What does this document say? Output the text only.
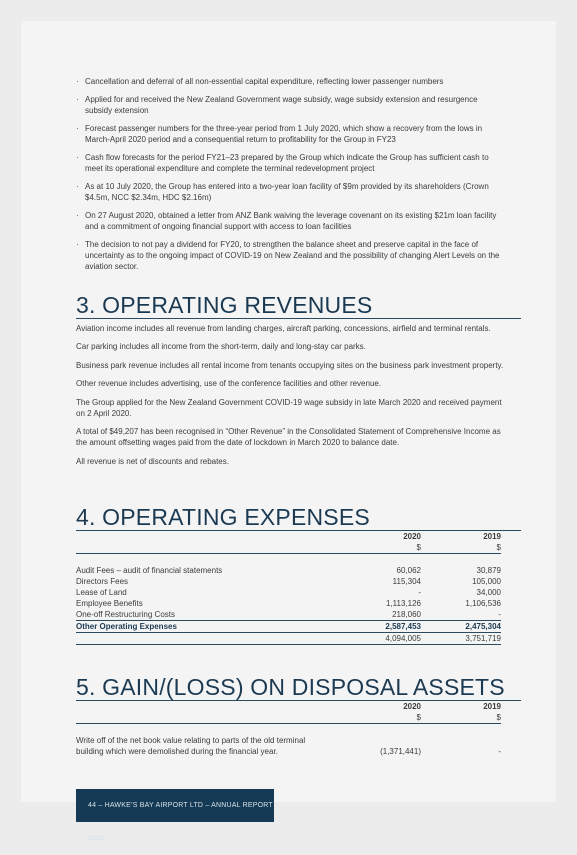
· Cancellation and deferral of all non-essential capital expenditure, reflecting lower passenger numbers
· Applied for and received the New Zealand Government wage subsidy, wage subsidy extension and resurgence subsidy extension
· Forecast passenger numbers for the three-year period from 1 July 2020, which show a recovery from the lows in March-April 2020 period and a consequential return to profitability for the Group in FY23
· Cash flow forecasts for the period FY21–23 prepared by the Group which indicate the Group has sufficient cash to meet its operational expenditure and complete the terminal redevelopment project
· As at 10 July 2020, the Group has entered into a two-year loan facility of $9m provided by its shareholders (Crown $4.5m, NCC $2.34m, HDC $2.16m)
· On 27 August 2020, obtained a letter from ANZ Bank waiving the leverage covenant on its existing $21m loan facility and a commitment of ongoing financial support with access to loan facilities
· The decision to not pay a dividend for FY20, to strengthen the balance sheet and preserve capital in the face of uncertainty as to the ongoing impact of COVID-19 on New Zealand and the possibility of changing Alert Levels on the aviation sector.
3. OPERATING REVENUES

Aviation income includes all revenue from landing charges, aircraft parking, concessions, airfield and terminal rentals.

Car parking includes all income from the short-term, daily and long-stay car parks.

Business park revenue includes all rental income from tenants occupying sites on the business park investment property.

Other revenue includes advertising, use of the conference facilities and other revenue.

The Group applied for the New Zealand Government COVID-19 wage subsidy in late March 2020 and received payment on 2 April 2020.

A total of $49,207 has been recognised in “Other Revenue” in the Consolidated Statement of Comprehensive Income as the amount offsetting wages paid from the date of lockdown in March 2020 to balance date.

All revenue is net of discounts and rebates.

4. OPERATING EXPENSES
	2020	2019
	$	$

Audit Fees – audit of financial statements	60,062	30,879
Directors Fees	115,304	105,000
Lease of Land	-	34,000
Employee Benefits	1,113,126	1,106,536
One-off Restructuring Costs	218,060	-
Other Operating Expenses	2,587,453	2,475,304
	4,094,005	3,751,719
5. GAIN/(LOSS) ON DISPOSAL ASSETS
	2020	2019
	$	$

Write off of the net book value relating to parts of the old terminal		
building which were demolished during the financial year.	(1,371,441)	-
44 – HAWKE’S BAY AIRPORT LTD – ANNUAL REPORT 2020
